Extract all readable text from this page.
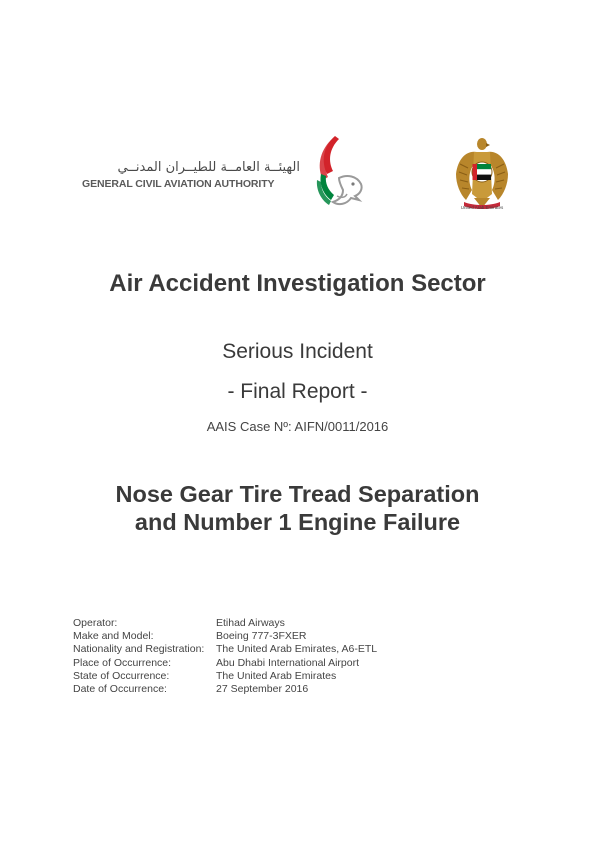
الهيئــة العامــة للطيــران المدنــي
GENERAL CIVIL AVIATION AUTHORITY
United Arab Emirates
Air Accident Investigation Sector
Serious Incident
- Final Report -
AAIS Case Nº: AIFN/0011/2016
Nose Gear Tire Tread Separation
and Number 1 Engine Failure
Operator:	Etihad Airways
Make and Model:	Boeing 777-3FXER
Nationality and Registration:	The United Arab Emirates, A6-ETL
Place of Occurrence:	Abu Dhabi International Airport
State of Occurrence:	The United Arab Emirates
Date of Occurrence:	27 September 2016
